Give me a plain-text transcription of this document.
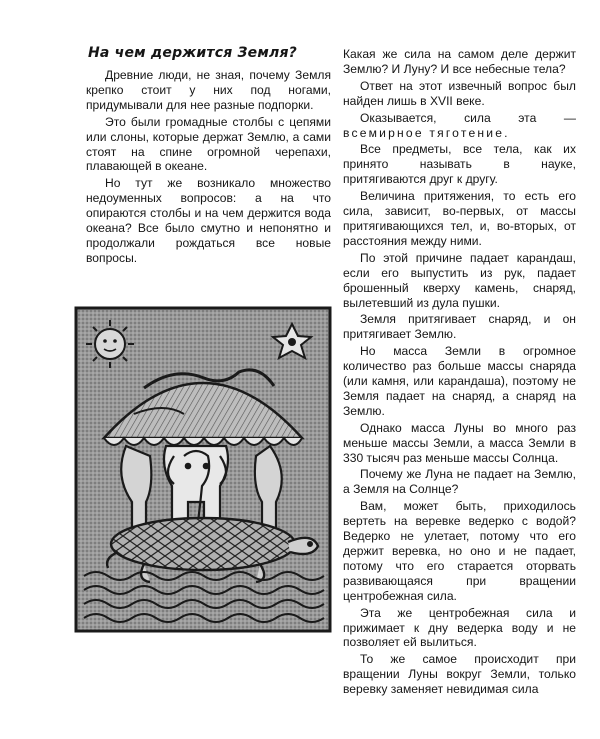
На чем держится Земля?

Древние люди, не зная, почему Земля крепко стоит у них под ногами, придумывали для нее разные подпорки.

Это были громадные столбы с цепями или слоны, которые держат Землю, а сами стоят на спине огромной черепахи, плавающей в океане.

Но тут же возникало множество недоуменных вопросов: а на что опираются столбы и на чем держится вода океана? Все было смутно и непонятно и продолжали рождаться все новые вопросы.

Какая же сила на самом деле держит Землю? И Луну? И все небесные тела?

Ответ на этот извечный вопрос был найден лишь в XVII веке.

Оказывается, сила эта — всемирное тяготение.

Все предметы, все тела, как их принято называть в науке, притягиваются друг к другу.

Величина притяжения, то есть его сила, зависит, во-первых, от массы притягивающихся тел, и, во-вторых, от расстояния между ними.

По этой причине падает карандаш, если его выпустить из рук, падает брошенный кверху камень, снаряд, вылетевший из дула пушки.

Земля притягивает снаряд, и он притягивает Землю.

Но масса Земли в огромное количество раз больше массы снаряда (или камня, или карандаша), поэтому не Земля падает на снаряд, а снаряд на Землю.

Однако масса Луны во много раз меньше массы Земли, а масса Земли в 330 тысяч раз меньше массы Солнца.

Почему же Луна не падает на Землю, а Земля на Солнце?

Вам, может быть, приходилось вертеть на веревке ведерко с водой? Ведерко не улетает, потому что его держит веревка, но оно и не падает, потому что его старается оторвать развивающаяся при вращении центробежная сила.

Эта же центробежная сила и прижимает к дну ведерка воду и не позволяет ей вылиться.

То же самое происходит при вращении Луны вокруг Земли, только веревку заменяет невидимая сила
